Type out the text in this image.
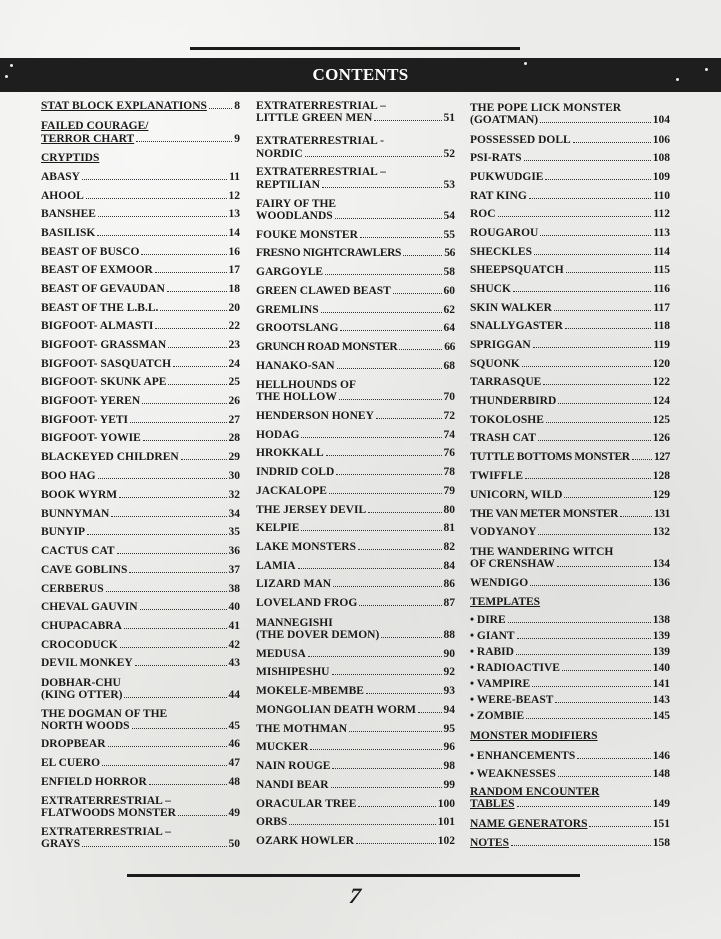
CONTENTS
STAT BLOCK EXPLANATIONS 8
FAILED COURAGE/
TERROR CHART	9
CRYPTIDS
ABASY	11
AHOOL	12
BANSHEE	13
BASILISK	14
BEAST OF BUSCO	16
BEAST OF EXMOOR	17
BEAST OF GEVAUDAN	18
BEAST OF THE L.B.L.	20
BIGFOOT- ALMASTI	22
BIGFOOT- GRASSMAN	23
BIGFOOT- SASQUATCH	24
BIGFOOT- SKUNK APE	25
BIGFOOT- YEREN	26
BIGFOOT- YETI	27
BIGFOOT- YOWIE	28
BLACKEYED CHILDREN	29
BOO HAG	30
BOOK WYRM	32
BUNNYMAN	34
BUNYIP	35
CACTUS CAT	36
CAVE GOBLINS	37
CERBERUS	38
CHEVAL GAUVIN	40
CHUPACABRA	41
CROCODUCK	42
DEVIL MONKEY	43
DOBHAR-CHU
(KING OTTER)	44
THE DOGMAN OF THE
NORTH WOODS	45
DROPBEAR	46
EL CUERO	47
ENFIELD HORROR	48
EXTRATERRESTRIAL –
FLATWOODS MONSTER	49
EXTRATERRESTRIAL –
GRAYS	50
EXTRATERRESTRIAL –
LITTLE GREEN MEN	51
EXTRATERRESTRIAL -
NORDIC	52
EXTRATERRESTRIAL –
REPTILIAN	53
FAIRY OF THE
WOODLANDS	54
FOUKE MONSTER	55
FRESNO NIGHTCRAWLERS	56
GARGOYLE	58
GREEN CLAWED BEAST	60
GREMLINS	62
GROOTSLANG	64
GRUNCH ROAD MONSTER	66
HANAKO-SAN	68
HELLHOUNDS OF
THE HOLLOW	70
HENDERSON HONEY	72
HODAG	74
HROKKALL	76
INDRID COLD	78
JACKALOPE	79
THE JERSEY DEVIL	80
KELPIE	81
LAKE MONSTERS	82
LAMIA	84
LIZARD MAN	86
LOVELAND FROG	87
MANNEGISHI
(THE DOVER DEMON)	88
MEDUSA	90
MISHIPESHU	92
MOKELE-MBEMBE	93
MONGOLIAN DEATH WORM 94
THE MOTHMAN	95
MUCKER	96
NAIN ROUGE	98
NANDI BEAR	99
ORACULAR TREE	100
ORBS	101
OZARK HOWLER	102
THE POPE LICK MONSTER
(GOATMAN)	104
POSSESSED DOLL	106
PSI-RATS	108
PUKWUDGIE	109
RAT KING	110
ROC	112
ROUGAROU	113
SHECKLES	114
SHEEPSQUATCH	115
SHUCK	116
SKIN WALKER	117
SNALLYGASTER	118
SPRIGGAN	119
SQUONK	120
TARRASQUE	122
THUNDERBIRD	124
TOKOLOSHE	125
TRASH CAT	126
TUTTLE BOTTOMS MONSTER 127
TWIFFLE	128
UNICORN, WILD	129
THE VAN METER MONSTER	131
VODYANOY	132
THE WANDERING WITCH
OF CRENSHAW	134
WENDIGO	136
TEMPLATES
• DIRE	138
• GIANT	139
• RABID	139
• RADIOACTIVE	140
• VAMPIRE	141
• WERE-BEAST	143
• ZOMBIE	145
MONSTER MODIFIERS
• ENHANCEMENTS	146
• WEAKNESSES	148
RANDOM ENCOUNTER
TABLES	149
NAME GENERATORS	151
NOTES	158
7
